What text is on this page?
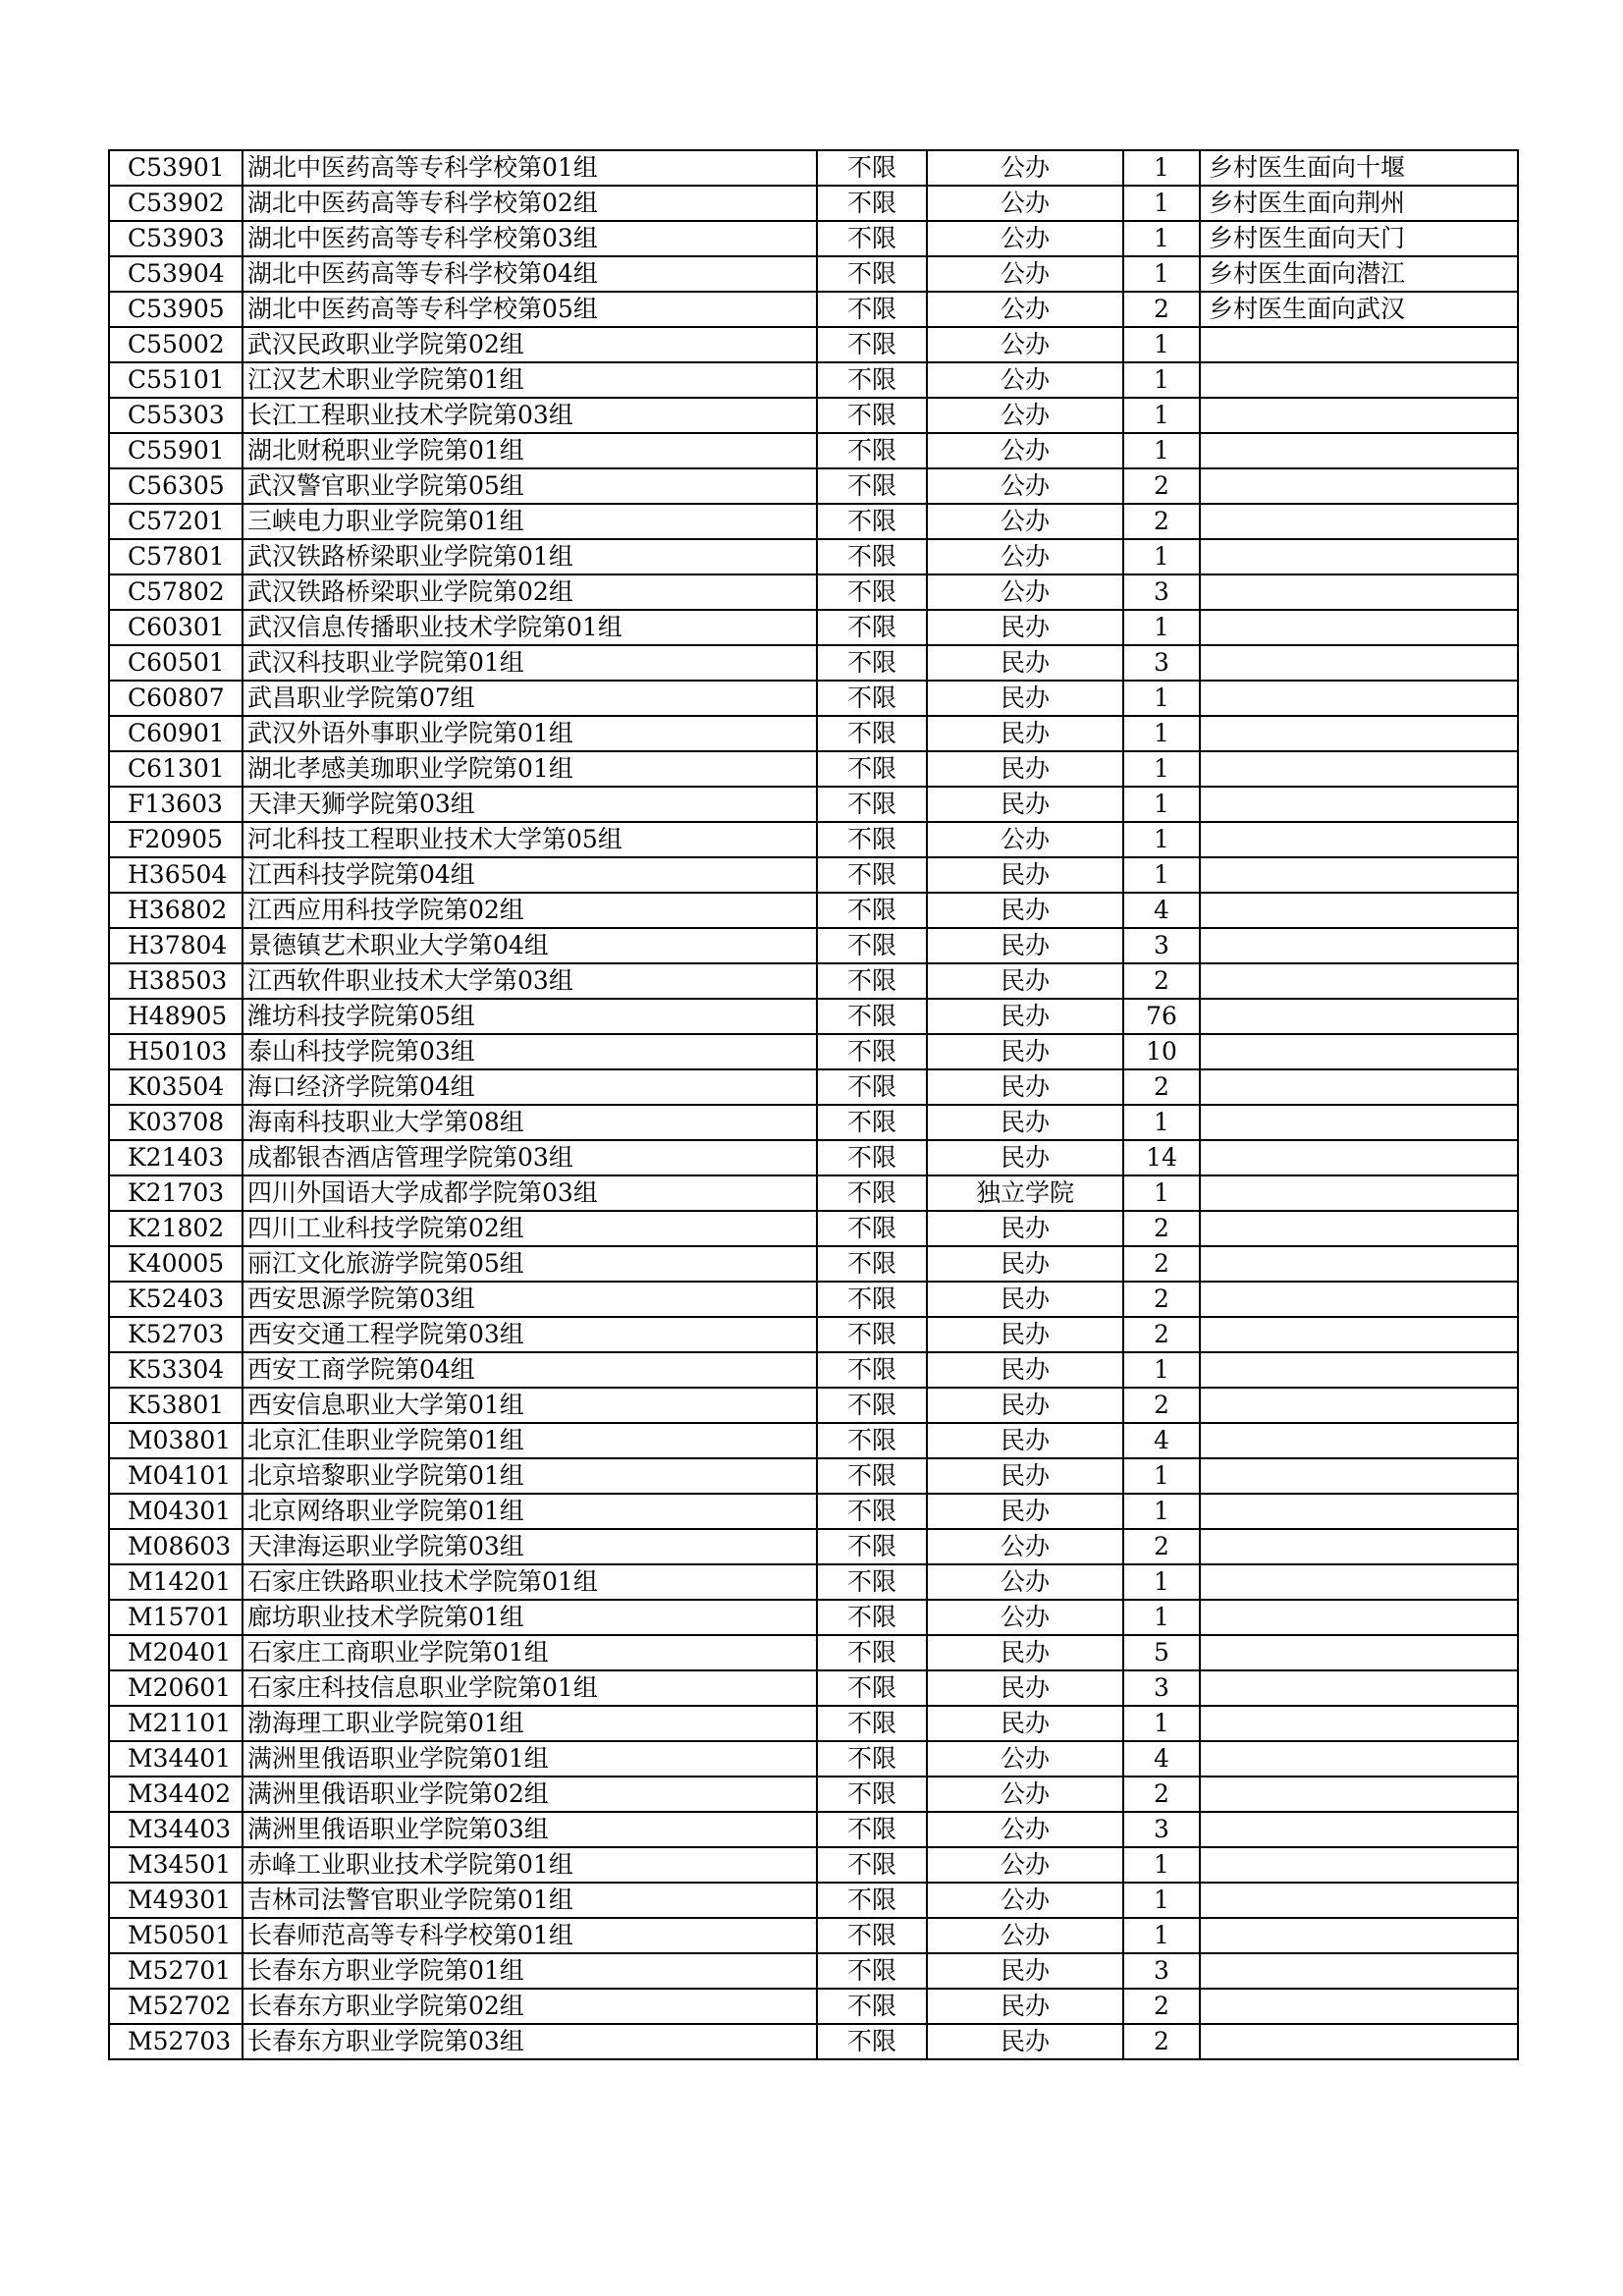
C53901	湖北中医药高等专科学校第01组	不限	公办	1	乡村医生面向十堰
C53902	湖北中医药高等专科学校第02组	不限	公办	1	乡村医生面向荆州
C53903	湖北中医药高等专科学校第03组	不限	公办	1	乡村医生面向天门
C53904	湖北中医药高等专科学校第04组	不限	公办	1	乡村医生面向潜江
C53905	湖北中医药高等专科学校第05组	不限	公办	2	乡村医生面向武汉
C55002	武汉民政职业学院第02组	不限	公办	1	
C55101	江汉艺术职业学院第01组	不限	公办	1	
C55303	长江工程职业技术学院第03组	不限	公办	1	
C55901	湖北财税职业学院第01组	不限	公办	1	
C56305	武汉警官职业学院第05组	不限	公办	2	
C57201	三峡电力职业学院第01组	不限	公办	2	
C57801	武汉铁路桥梁职业学院第01组	不限	公办	1	
C57802	武汉铁路桥梁职业学院第02组	不限	公办	3	
C60301	武汉信息传播职业技术学院第01组	不限	民办	1	
C60501	武汉科技职业学院第01组	不限	民办	3	
C60807	武昌职业学院第07组	不限	民办	1	
C60901	武汉外语外事职业学院第01组	不限	民办	1	
C61301	湖北孝感美珈职业学院第01组	不限	民办	1	
F13603	天津天狮学院第03组	不限	民办	1	
F20905	河北科技工程职业技术大学第05组	不限	公办	1	
H36504	江西科技学院第04组	不限	民办	1	
H36802	江西应用科技学院第02组	不限	民办	4	
H37804	景德镇艺术职业大学第04组	不限	民办	3	
H38503	江西软件职业技术大学第03组	不限	民办	2	
H48905	潍坊科技学院第05组	不限	民办	76	
H50103	泰山科技学院第03组	不限	民办	10	
K03504	海口经济学院第04组	不限	民办	2	
K03708	海南科技职业大学第08组	不限	民办	1	
K21403	成都银杏酒店管理学院第03组	不限	民办	14	
K21703	四川外国语大学成都学院第03组	不限	独立学院	1	
K21802	四川工业科技学院第02组	不限	民办	2	
K40005	丽江文化旅游学院第05组	不限	民办	2	
K52403	西安思源学院第03组	不限	民办	2	
K52703	西安交通工程学院第03组	不限	民办	2	
K53304	西安工商学院第04组	不限	民办	1	
K53801	西安信息职业大学第01组	不限	民办	2	
M03801	北京汇佳职业学院第01组	不限	民办	4	
M04101	北京培黎职业学院第01组	不限	民办	1	
M04301	北京网络职业学院第01组	不限	民办	1	
M08603	天津海运职业学院第03组	不限	公办	2	
M14201	石家庄铁路职业技术学院第01组	不限	公办	1	
M15701	廊坊职业技术学院第01组	不限	公办	1	
M20401	石家庄工商职业学院第01组	不限	民办	5	
M20601	石家庄科技信息职业学院第01组	不限	民办	3	
M21101	渤海理工职业学院第01组	不限	民办	1	
M34401	满洲里俄语职业学院第01组	不限	公办	4	
M34402	满洲里俄语职业学院第02组	不限	公办	2	
M34403	满洲里俄语职业学院第03组	不限	公办	3	
M34501	赤峰工业职业技术学院第01组	不限	公办	1	
M49301	吉林司法警官职业学院第01组	不限	公办	1	
M50501	长春师范高等专科学校第01组	不限	公办	1	
M52701	长春东方职业学院第01组	不限	民办	3	
M52702	长春东方职业学院第02组	不限	民办	2	
M52703	长春东方职业学院第03组	不限	民办	2	
